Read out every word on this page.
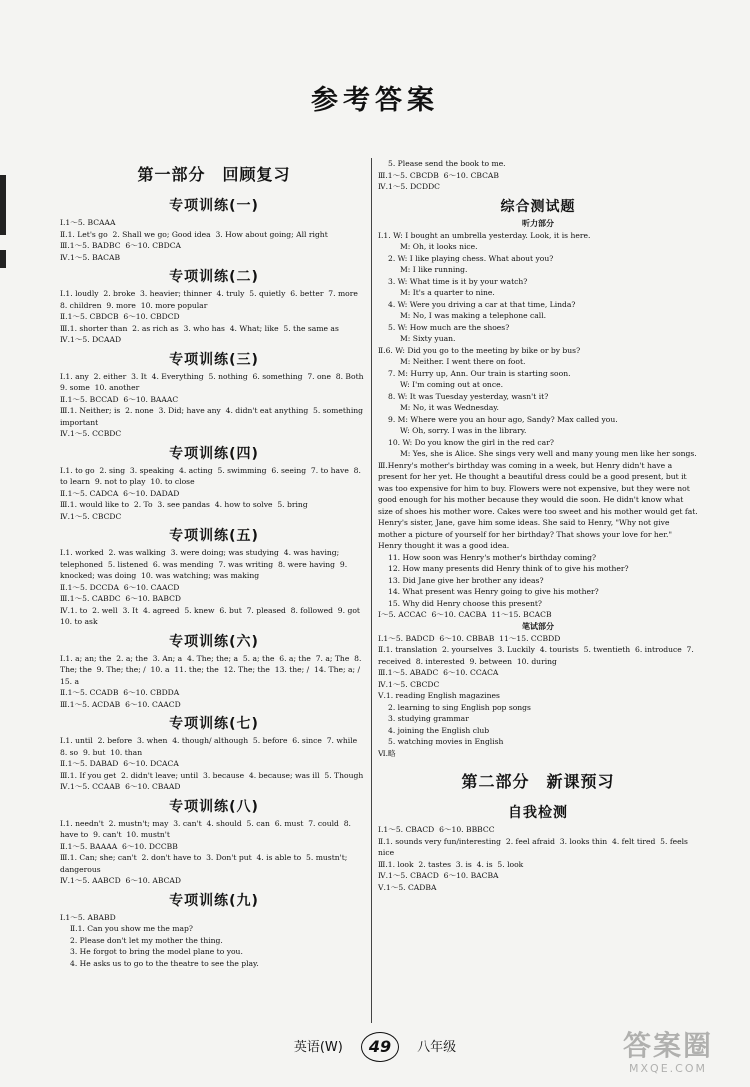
参考答案
第一部分　回顾复习
专项训练(一)
Ⅰ.1～5. BCAAA
Ⅱ.1. Let's go  2. Shall we go; Good idea  3. How about going; All right
Ⅲ.1～5. BADBC  6～10. CBDCA
Ⅳ.1～5. BACAB
专项训练(二)
Ⅰ.1. loudly  2. broke  3. heavier; thinner  4. truly  5. quietly  6. better  7. more  8. children  9. more  10. more popular
Ⅱ.1～5. CBDCB  6～10. CBDCD
Ⅲ.1. shorter than  2. as rich as  3. who has  4. What; like  5. the same as
Ⅳ.1～5. DCAAD
专项训练(三)
Ⅰ.1. any  2. either  3. It  4. Everything  5. nothing  6. something  7. one  8. Both  9. some  10. another
Ⅱ.1～5. BCCAD  6～10. BAAAC
Ⅲ.1. Neither; is  2. none  3. Did; have any  4. didn't eat anything  5. something important
Ⅳ.1～5. CCBDC
专项训练(四)
Ⅰ.1. to go  2. sing  3. speaking  4. acting  5. swimming  6. seeing  7. to have  8. to learn  9. not to play  10. to close
Ⅱ.1～5. CADCA  6～10. DADAD
Ⅲ.1. would like to  2. To  3. see pandas  4. how to solve  5. bring
Ⅳ.1～5. CBCDC
专项训练(五)
Ⅰ.1. worked  2. was walking  3. were doing; was studying  4. was having; telephoned  5. listened  6. was mending  7. was writing  8. were having  9. knocked; was doing  10. was watching; was making
Ⅱ.1～5. DCCDA  6～10. CAACD
Ⅲ.1～5. CABDC  6～10. BABCD
Ⅳ.1. to  2. well  3. It  4. agreed  5. knew  6. but  7. pleased  8. followed  9. got  10. to ask
专项训练(六)
Ⅰ.1. a; an; the  2. a; the  3. An; a  4. The; the; a  5. a; the  6. a; the  7. a; The  8. The; the  9. The; the; /  10. a  11. the; the  12. The; the  13. the; /  14. The; a; /  15. a
Ⅱ.1～5. CCADB  6～10. CBDDA
Ⅲ.1～5. ACDAB  6～10. CAACD
专项训练(七)
Ⅰ.1. until  2. before  3. when  4. though/ although  5. before  6. since  7. while  8. so  9. but  10. than
Ⅱ.1～5. DABAD  6～10. DCACA
Ⅲ.1. If you get  2. didn't leave; until  3. because  4. because; was ill  5. Though
Ⅳ.1～5. CCAAB  6～10. CBAAD
专项训练(八)
Ⅰ.1. needn't  2. mustn't; may  3. can't  4. should  5. can  6. must  7. could  8. have to  9. can't  10. mustn't
Ⅱ.1～5. BAAAA  6～10. DCCBB
Ⅲ.1. Can; she; can't  2. don't have to  3. Don't put  4. is able to  5. mustn't; dangerous
Ⅳ.1～5. AABCD  6～10. ABCAD
专项训练(九)
Ⅰ.1～5. ABABD
Ⅱ.1. Can you show me the map?
2. Please don't let my mother the thing.
3. He forgot to bring the model plane to you.
4. He asks us to go to the theatre to see the play.
5. Please send the book to me.
Ⅲ.1～5. CBCDB  6～10. CBCAB
Ⅳ.1～5. DCDDC
综合测试题
听力部分
Ⅰ.1. W: I bought an umbrella yesterday. Look, it is here.
M: Oh, it looks nice.
2. W: I like playing chess. What about you?
M: I like running.
3. W: What time is it by your watch?
M: It's a quarter to nine.
4. W: Were you driving a car at that time, Linda?
M: No, I was making a telephone call.
5. W: How much are the shoes?
M: Sixty yuan.
Ⅱ.6. W: Did you go to the meeting by bike or by bus?
M: Neither. I went there on foot.
7. M: Hurry up, Ann. Our train is starting soon.
W: I'm coming out at once.
8. W: It was Tuesday yesterday, wasn't it?
M: No, it was Wednesday.
9. M: Where were you an hour ago, Sandy? Max called you.
W: Oh, sorry. I was in the library.
10. W: Do you know the girl in the red car?
M: Yes, she is Alice. She sings very well and many young men like her songs.
Ⅲ.Henry's mother's birthday was coming in a week, but Henry didn't have a present for her yet. He thought a beautiful dress could be a good present, but it was too expensive for him to buy. Flowers were not expensive, but they were not good enough for his mother because they would die soon. He didn't know what size of shoes his mother wore. Cakes were too sweet and his mother would get fat. Henry's sister, Jane, gave him some ideas. She said to Henry, "Why not give mother a picture of yourself for her birthday? That shows your love for her." Henry thought it was a good idea.
11. How soon was Henry's mother's birthday coming?
12. How many presents did Henry think of to give his mother?
13. Did Jane give her brother any ideas?
14. What present was Henry going to give his mother?
15. Why did Henry choose this present?
Ⅰ～5. ACCAC  6～10. CACBA  11～15. BCACB
笔试部分
Ⅰ.1～5. BADCD  6～10. CBBAB  11～15. CCBDD
Ⅱ.1. translation  2. yourselves  3. Luckily  4. tourists  5. twentieth  6. introduce  7. received  8. interested  9. between  10. during
Ⅲ.1～5. ABADC  6～10. CCACA
Ⅳ.1～5. CBCDC
Ⅴ.1. reading English magazines
2. learning to sing English pop songs
3. studying grammar
4. joining the English club
5. watching movies in English
Ⅵ.略
第二部分　新课预习
自我检测
Ⅰ.1～5. CBACD  6～10. BBBCC
Ⅱ.1. sounds very fun/interesting  2. feel afraid  3. looks thin  4. felt tired  5. feels nice
Ⅲ.1. look  2. tastes  3. is  4. is  5. look
Ⅳ.1～5. CBACD  6～10. BACBA
Ⅴ.1～5. CADBA
英语(W) 49 八年级	答案圈
MXQE.COM
